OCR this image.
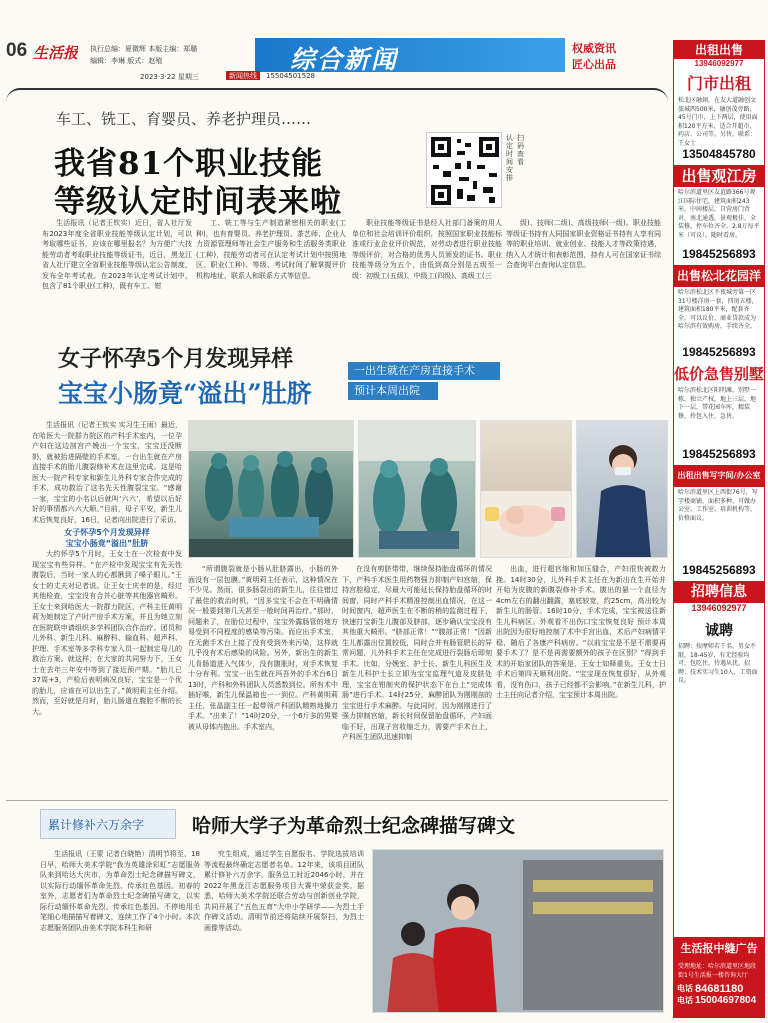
06 生活报 执行总编：夏微辉 本版主编：郑璐
编辑：李琳 版式：赵殖	综合新闻	权威资讯
匠心出品
2023·3·22 星期三	新闻热线	15504501528
车工、铣工、育婴员、养老护理员……
我省81个职业技能
等级认定时间表来啦
认定时间安排
扫码查看
生活报讯（记者王钦实）近日，省人社厅发布2023年度全省职业技能等级认定计划，可以考取哪些证书，应该在哪里报名？为方便广大技能劳动者考取职业技能等级证书，近日，黑龙江省人社厅建立全省职业技能等级认定公告制度，发布全年考试表。在2023年认定考试计划中，包含了81个职业(工种)，既有车工、钳
工、铣工等与生产制造紧密相关的职业(工种)，也有育婴员、养老护理员、茶艺师、企业人力资源管理师等社会生产服务和生活服务类职业(工种)，技能劳动者可在认定考试计划中按照地区、职业(工种)、等级、考试时间了解掌握评价机构地址、联系人和联系方式等信息。
职业技能等级证书是经人社部门备案的用人单位和社会培训评价组织，按照国家职业技能标准或行业企业评价规范，对劳动者进行职业技能等级评价，对合格的优秀人员颁发的证书。职业技能等级分为五个，由低到高分别是五级至一级：初级工(五级)、中级工(四级)、高级工(三
级)、技师(二级)、高级技师(一级)。职业技能等级证书持有人同国家职业资格证书持有人享有同等的职业培训、就业创业、技能人才等政策待遇，纳入人才统计和表彰范围，持有人可在国家证书综合查询平台查询认定信息。
女子怀孕5个月发现异样
宝宝小肠竟“溢出”肚脐
一出生就在产房直接手术
预计本周出院
生活报讯（记者王钦实 实习生王雨）最近，在哈医大一院群力院区的产科手术室内，一位孕产妇在这边剖宫产娩出一个宝宝，宝宝还没断奶，就被抬进隔壁的手术室，一台出生就在产房直接手术的胎儿腹裂修补术在这里完成。这是哈医大一院产科专家和新生儿外科专家合作完成的手术，成功救治了这名先天性腹裂宝宝。“感谢一家，宝宝的小名以后就叫‘六六’，希望以后好好的事情都六六大顺。”目前，母子平安，新生儿术后恢复良好，16日，记者向出院进行了采访。
女子怀孕5个月发现异样
宝宝小肠竟“溢出”肚脐
大约怀孕5个月时，王女士在一次检查中发现宝宝有些异样。“在产检中发现宝宝有先天性腹裂后，当时一家人的心都揪到了嗓子眼儿。”王女士的丈夫对记者说。让王女士庆幸的是，经过其他检查，宝宝没有合并心脏等其他器官畸形。王女士来到哈医大一院群力院区，产科主任黄明莉为她制定了产时产房手术方案，并且为她立刻在医院联申请组织多学科团队合作治疗。团员和儿外科、新生儿科、麻醉科、输血科、超声科、护理、手术室等多学科专家入员一起制定母儿的救治方案。就这样，在大家的共同努力下，王女士在去年三年安中等到了接近预产期。“胎儿已37周+3，产检后表明病况良好，宝宝是一个优的胎儿，应该在可以出生了。”黄明莉主任介绍。然而，至好就是月时，胎儿肠道在腹腔不断的长大。
“所谓腹裂就是小肠从肚脐露出，小肠的外面没有一层包膜。”黄明莉主任表示，这种情况在不少见。然而，很多肠裂出的新生儿，往往错过了最佳的救治时机，“因多宝宝不会在不明确情况一般要到第几天甚至一般时间再治疗。”那时，问题来了，在胎位过程中，宝宝外露肠管的地方易受到不同程度的感染等污染。而应出手术室，在无菌手术台上接了没有受到外来污染，这样就几乎没有术后感染的风险。另外，新出生的新生儿肯肠道进入气体少，没有腹胀时，对手术恢复十分有利。宝宝一出生就在玛吾外的手术台6日13时，产科和外科团队人员悉数到位。所有术中插好喉，新生儿保温箱也一一到位。产科黄明莉主任、张晶副主任一起带领产科团队精熟地操刀手术。“出来了！”14时20分，一个6斤多的男婴被从母体内抱出。手术室内，
在没有剪脐带带，继续保持胎盘循环的情况下，产科手术医生用药物强力抑制产妇宫缩，保持宫腔稳定，尽最大可能延长保持胎盘循环的时间窗，同时产科手术精准控制出血情况，在这一时间窗内，超声医生在不断的稍的监测过程下，快速打宝新生儿腹部及脐部，逐步确认宝宝没有其他重大畸形。“脐部正常！”“腹部正常！”因新生儿都露出位置较低，同时合并有肠管肥长的异常问题，儿外科手术主任在完成进行裂肠后即刻手术。比如，分娩室、护士长、新生儿科医生及新生儿科护士长立即为宝宝监理气道及皮肤处理，宝宝在钳制夹的保护状态下在台上“完成体肠”进行手术。14时25分，麻醉团队为刚刚剖的宝宝进行手术麻醉。与此同时，因为刚刚进行了强力抑制宫缩，新长时间保留胎盘循环，产妇面临不好，出现子宫收缩乏力，需要产手术台上，产科医生团队迅速抑制
出血，进行超宫缩和加压缝合，产妇很快被救力挽。14时30分，儿外科手术主任在为新出在生开始并开始为皮腹的新腹裂修补手术。腹出的悬一个直径为4cm左右的翻出翻露，塞底较宽，约25cm，高出较为新生儿的肠管。16时10分，手术完成，宝宝被送往新生儿科病区。外观看不出伤口宝宝恢复良好 预计本周出院因为很好地控制了术中手宫出血，术后产妇病情平稳，随后了各康产科病房。“以前宝宝是不是不需要再要手术了？是不是再需要额外的孩子在区别？”得到手术的开始家团队的答案是，王女士如释重负。王女士日手术后第四天顺利出院。“宝宝现在恢复很好，从外观看，没有伤口，孩子已经都不会影响。”在新生儿科，护士主任向记者介绍，宝宝预计本周出院。
累计修补六万余字	哈师大学子为革命烈士纪念碑描写碑文
生活报讯（王蒙 记者白晓艳）清明节将至，18日早，哈师大美术学院“我为英雄涂彩虹”志愿服务队来到哈达大庆市，为革命烈士纪念碑描写碑文，以实际行动缅怀革命先烈、传承红色基因。初春的室外，志愿者们为革命烈士纪念碑描写碑文，以实际行动缅怀革命先烈、传承红色基因。不停地用毛笔细心地描描写着碑文，连续工作了4个小时。本次志愿服务团队由美术学院本科生和研
究生组成，通过学生自愿报名、学院选拔培训等流程最终确定志愿者名单。12年来，该项目团队累计修补六万余字，服务总工时近2046小时，并在2022年黑龙江志愿服务项目大赛中荣获金奖。据悉，哈师大美术学院还联合劳动与创新创业学院，共同开展了“五色五育”大中小学研学——为烈士手作碑文活动。清明节前还将陆续开展祭扫，为烈士画像等活动。
出租出售
13946092977
门市出租
松北区融創，在友大道融创文旅城西500米，融创茂旁路，45号门市，上下两层，使用面积120平方米，适合开超市、药店、公司等。另售，联系：王女士
13504845780
出售观江房
哈尔滨道里区友谊路366号观江国际住宅，建筑面积243米，中间楼层，自营房门背对，南北通透，景观极佳，全装修，停车位齐全，2.8万每平米（可议）。随时看房。
19845256893
出售松北花园洋
哈尔滨松北区不夜城旁第一区31号楼洋房一套，四房五楼，建筑面积180平米，配套齐全。可以议价，商业贷款成为哈尔滨有效购房。手续齐全。
19845256893
低价急售别墅
哈尔滨松北区阳明滩，别墅一栋，独立产权，地上三层，地下一层，带花园车库，精装修，拎包入住，急售。
19845256893
出租出售写字间/办公室
哈尔滨道里区上西街76号，写字楼商铺，面积多种，可做办公室、工作室、培训机构等，价格面议。
19845256893
招聘信息
13946092977
诚聘
招聘：按摩师若干名，男女不限，18-45岁，有无经验均可，包吃住，待遇从优。招聘：技术实习生10人，工资面议。
生活报中缝广告
受理地址：哈尔滨道里区地段街1号生活报一楼咨询大厅
电话 84681180
电话 15004697804
